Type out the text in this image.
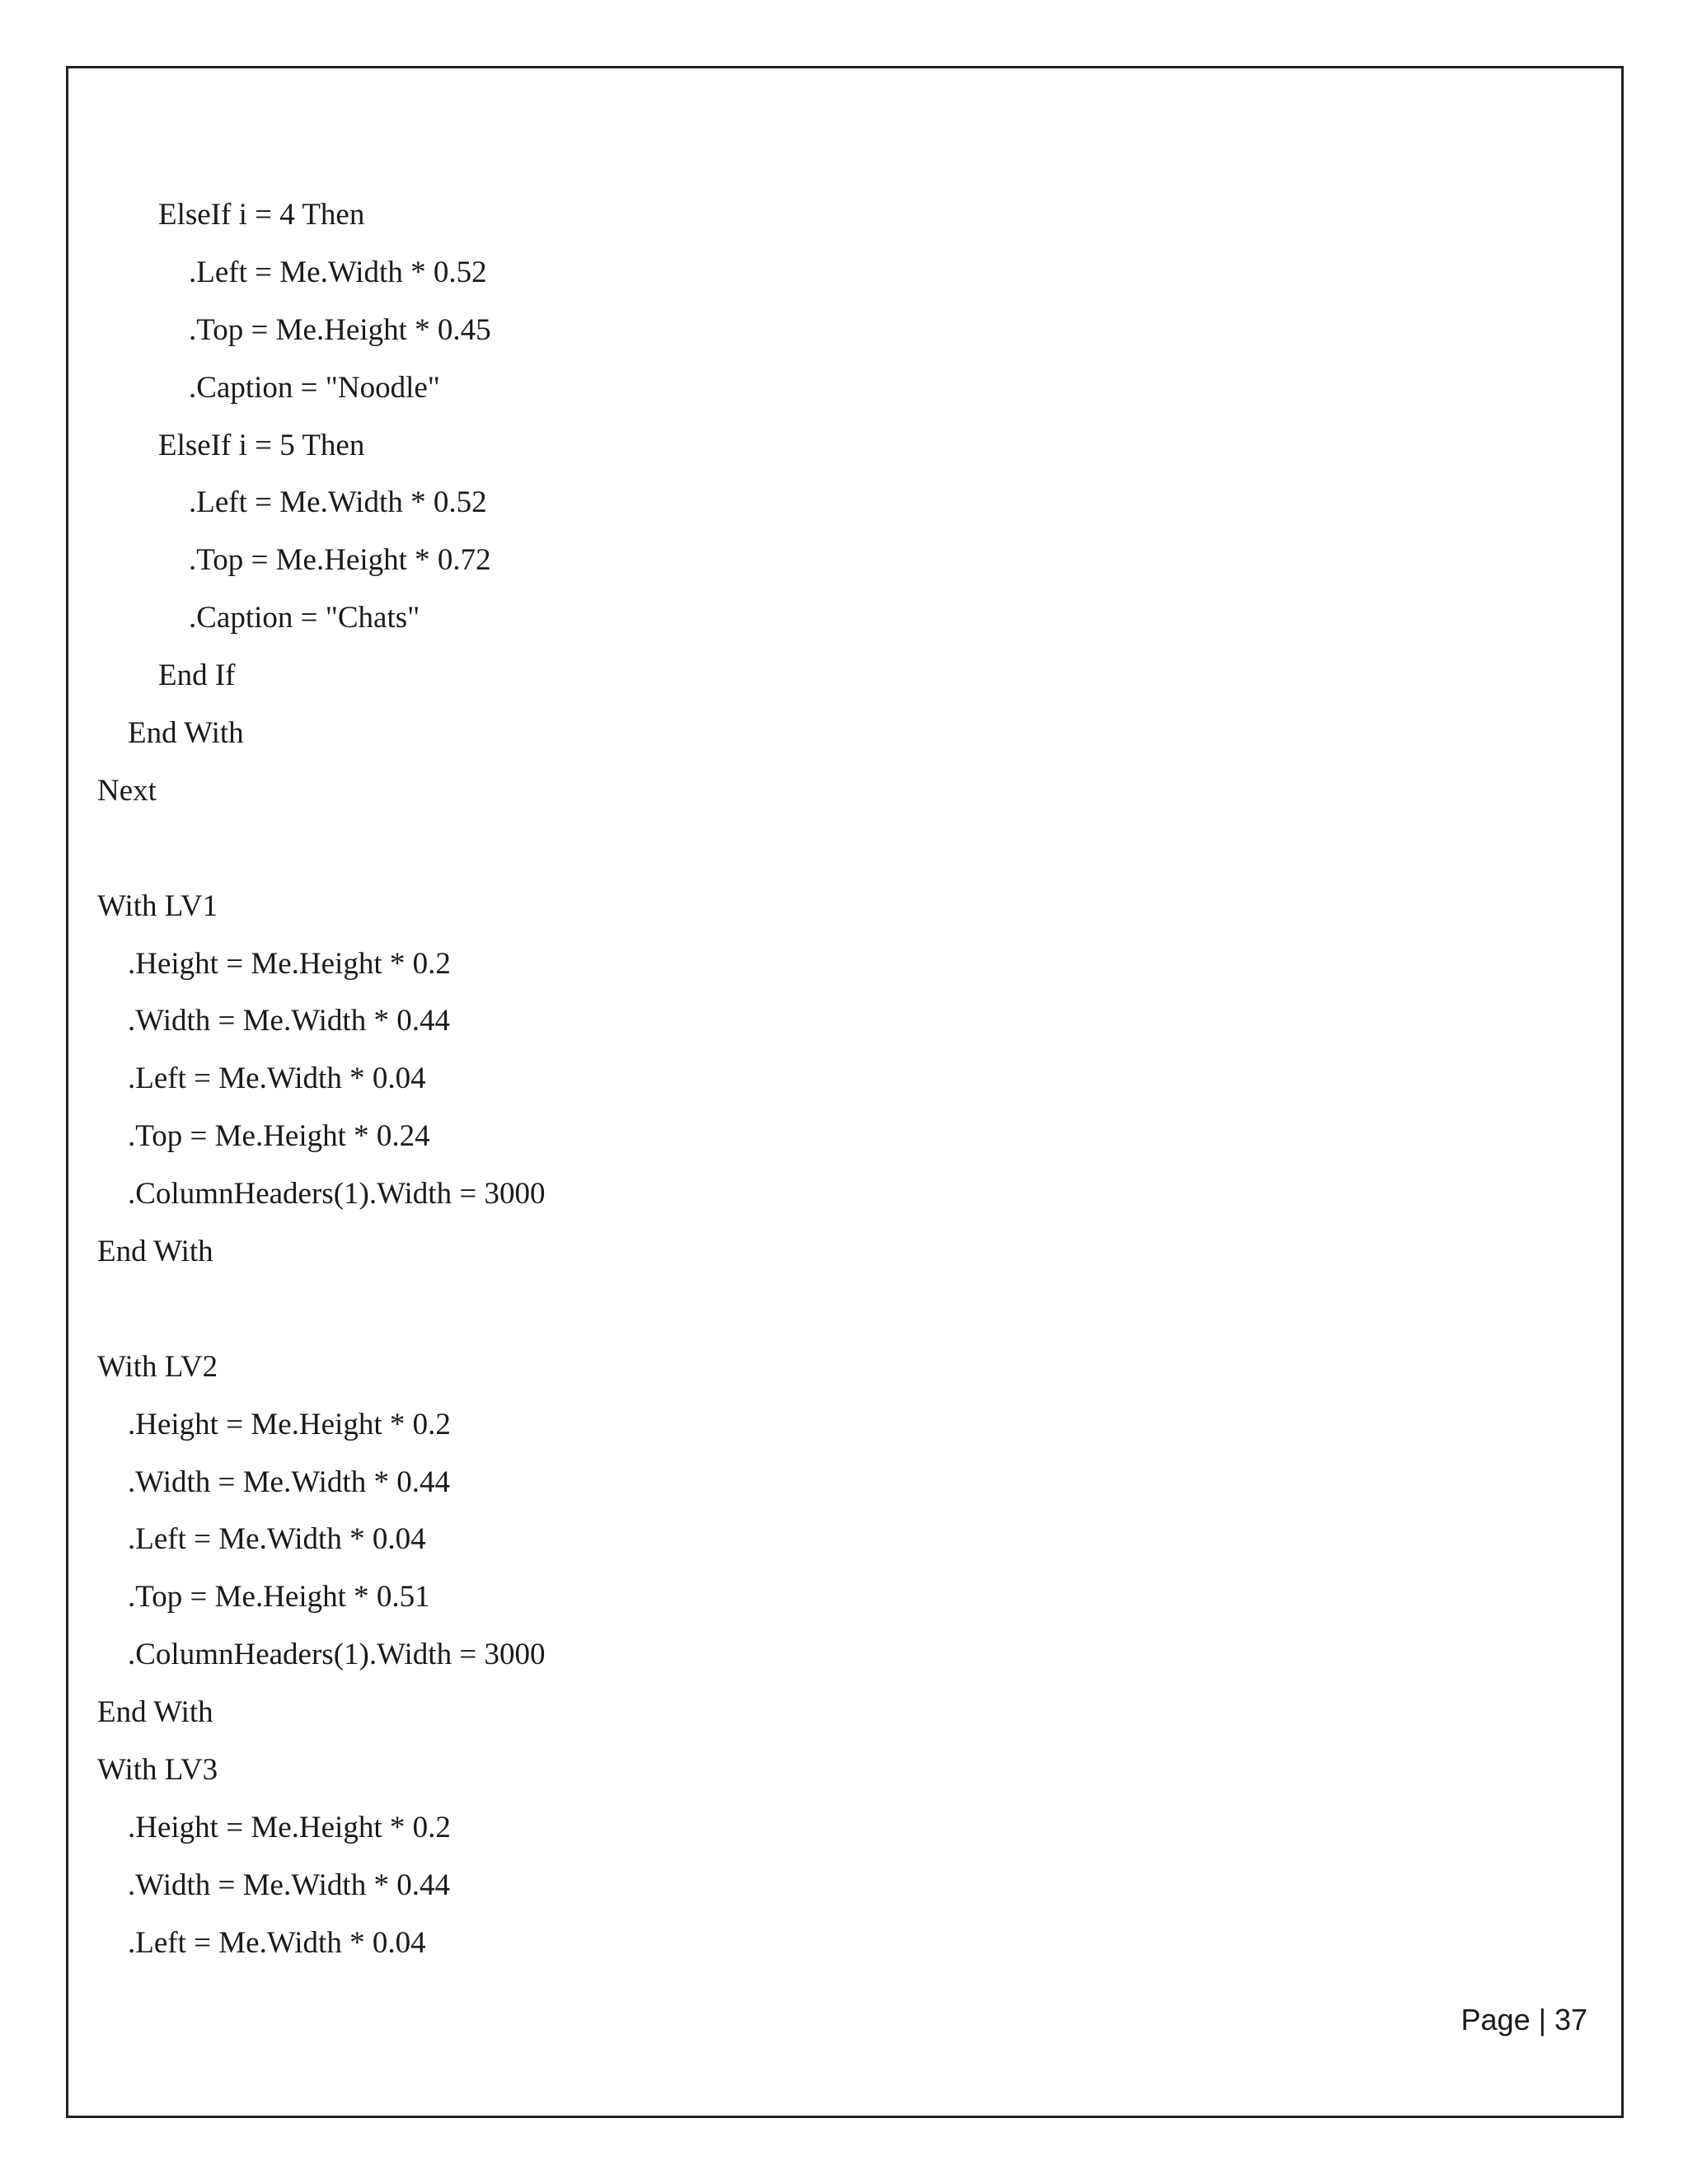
ElseIf i = 4 Then
.Left = Me.Width * 0.52
.Top = Me.Height * 0.45
.Caption = "Noodle"
ElseIf i = 5 Then
.Left = Me.Width * 0.52
.Top = Me.Height * 0.72
.Caption = "Chats"
End If
End With
Next
With LV1
.Height = Me.Height * 0.2
.Width = Me.Width * 0.44
.Left = Me.Width * 0.04
.Top = Me.Height * 0.24
.ColumnHeaders(1).Width = 3000
End With
With LV2
.Height = Me.Height * 0.2
.Width = Me.Width * 0.44
.Left = Me.Width * 0.04
.Top = Me.Height * 0.51
.ColumnHeaders(1).Width = 3000
End With
With LV3
.Height = Me.Height * 0.2
.Width = Me.Width * 0.44
.Left = Me.Width * 0.04
Page | 37
